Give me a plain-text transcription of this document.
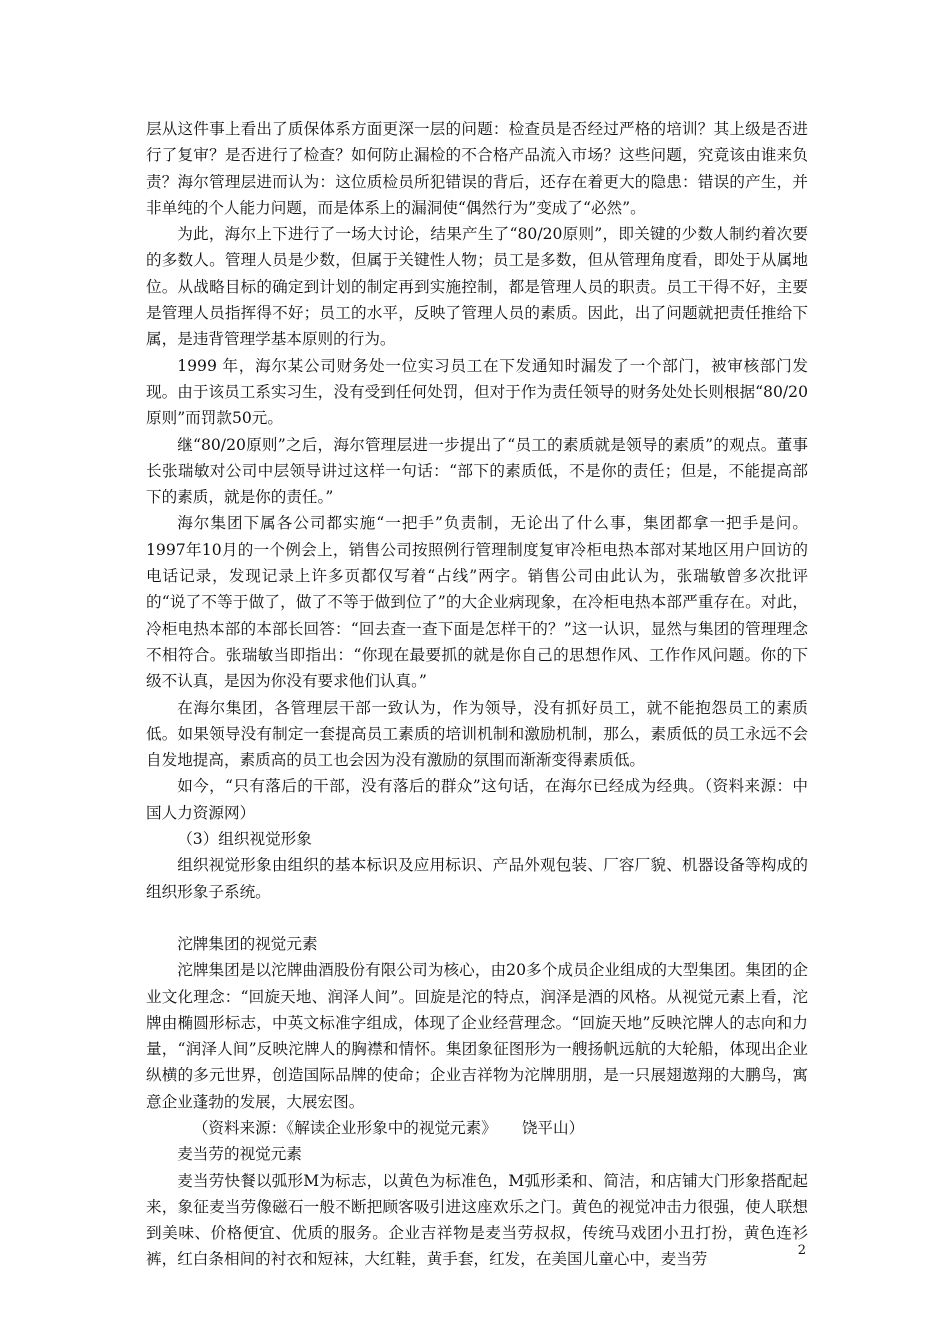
层从这件事上看出了质保体系方面更深一层的问题：检查员是否经过严格的培训？其上级是否进行了复审？是否进行了检查？如何防止漏检的不合格产品流入市场？这些问题，究竟该由谁来负责？海尔管理层进而认为：这位质检员所犯错误的背后，还存在着更大的隐患：错误的产生，并非单纯的个人能力问题，而是体系上的漏洞使“偶然行为”变成了“必然”。

为此，海尔上下进行了一场大讨论，结果产生了“80/20原则”，即关键的少数人制约着次要的多数人。管理人员是少数，但属于关键性人物；员工是多数，但从管理角度看，即处于从属地位。从战略目标的确定到计划的制定再到实施控制，都是管理人员的职责。员工干得不好，主要是管理人员指挥得不好；员工的水平，反映了管理人员的素质。因此，出了问题就把责任推给下属，是违背管理学基本原则的行为。

1999 年，海尔某公司财务处一位实习员工在下发通知时漏发了一个部门，被审核部门发现。由于该员工系实习生，没有受到任何处罚，但对于作为责任领导的财务处处长则根据“80/20原则”而罚款50元。

继“80/20原则”之后，海尔管理层进一步提出了“员工的素质就是领导的素质”的观点。董事长张瑞敏对公司中层领导讲过这样一句话：“部下的素质低，不是你的责任；但是，不能提高部下的素质，就是你的责任。”

海尔集团下属各公司都实施“一把手”负责制，无论出了什么事，集团都拿一把手是问。1997年10月的一个例会上，销售公司按照例行管理制度复审冷柜电热本部对某地区用户回访的电话记录，发现记录上许多页都仅写着“占线”两字。销售公司由此认为，张瑞敏曾多次批评的“说了不等于做了，做了不等于做到位了”的大企业病现象，在冷柜电热本部严重存在。对此，冷柜电热本部的本部长回答：“回去查一查下面是怎样干的？”这一认识，显然与集团的管理理念不相符合。张瑞敏当即指出：“你现在最要抓的就是你自己的思想作风、工作作风问题。你的下级不认真，是因为你没有要求他们认真。”

在海尔集团，各管理层干部一致认为，作为领导，没有抓好员工，就不能抱怨员工的素质低。如果领导没有制定一套提高员工素质的培训机制和激励机制，那么，素质低的员工永远不会自发地提高，素质高的员工也会因为没有激励的氛围而渐渐变得素质低。

如今，“只有落后的干部，没有落后的群众”这句话，在海尔已经成为经典。（资料来源：中国人力资源网）

（3）组织视觉形象

组织视觉形象由组织的基本标识及应用标识、产品外观包装、厂容厂貌、机器设备等构成的组织形象子系统。

沱牌集团的视觉元素

沱牌集团是以沱牌曲酒股份有限公司为核心，由20多个成员企业组成的大型集团。集团的企业文化理念：“回旋天地、润泽人间”。回旋是沱的特点，润泽是酒的风格。从视觉元素上看，沱牌由椭圆形标志，中英文标准字组成，体现了企业经营理念。“回旋天地”反映沱牌人的志向和力量，“润泽人间”反映沱牌人的胸襟和情怀。集团象征图形为一艘扬帆远航的大轮船，体现出企业纵横的多元世界，创造国际品牌的使命；企业吉祥物为沱牌朋朋，是一只展翅遨翔的大鹏鸟，寓意企业蓬勃的发展，大展宏图。

（资料来源：《解读企业形象中的视觉元素》 饶平山）

麦当劳的视觉元素

麦当劳快餐以弧形M为标志，以黄色为标准色，M弧形柔和、简洁，和店铺大门形象搭配起来，象征麦当劳像磁石一般不断把顾客吸引进这座欢乐之门。黄色的视觉冲击力很强，使人联想到美味、价格便宜、优质的服务。企业吉祥物是麦当劳叔叔，传统马戏团小丑打扮，黄色连衫裤，红白条相间的衬衣和短袜，大红鞋，黄手套，红发，在美国儿童心中，麦当劳	2
